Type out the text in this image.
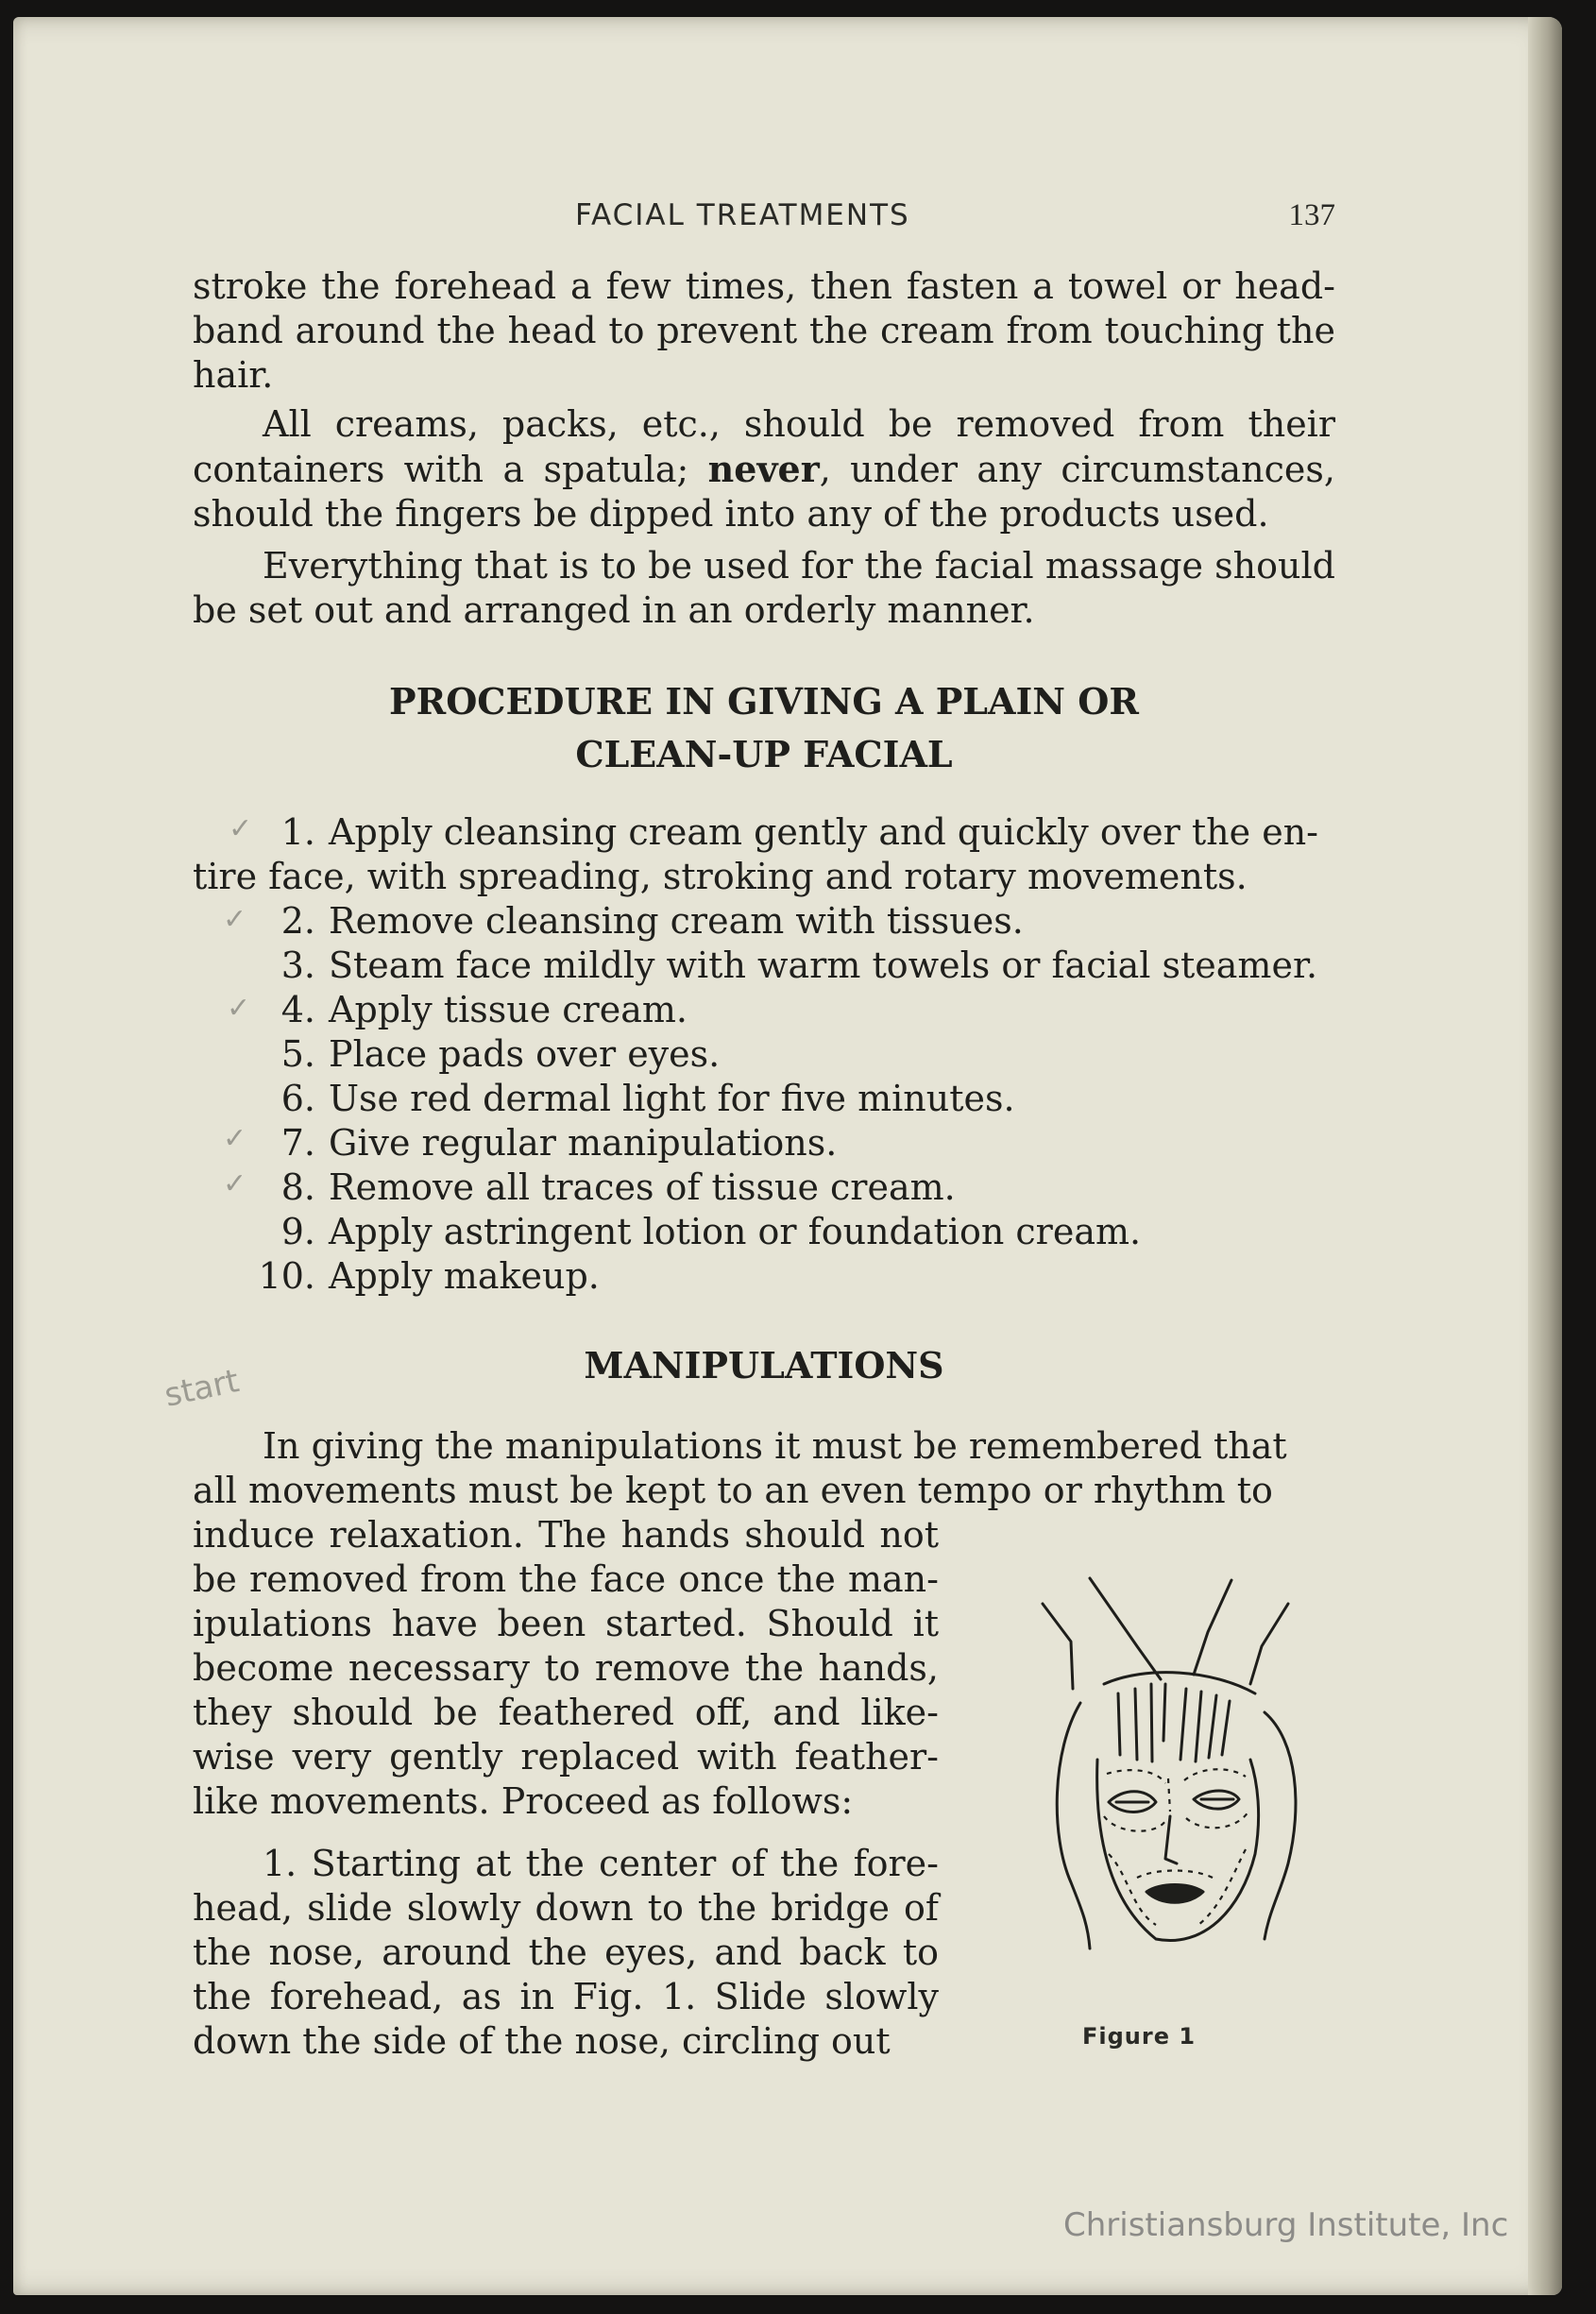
FACIAL TREATMENTS	137
stroke the forehead a few times, then fasten a towel or head-band around the head to prevent the cream from touching the hair.
All creams, packs, etc., should be removed from their containers with a spatula; never, under any circumstances, should the fingers be dipped into any of the products used.
Everything that is to be used for the facial massage should be set out and arranged in an orderly manner.
PROCEDURE IN GIVING A PLAIN OR
CLEAN-UP FACIAL
1. Apply cleansing cream gently and quickly over the en-
tire face, with spreading, stroking and rotary movements.
2. Remove cleansing cream with tissues.
3. Steam face mildly with warm towels or facial steamer.
4. Apply tissue cream.
5. Place pads over eyes.
6. Use red dermal light for five minutes.
7. Give regular manipulations.
8. Remove all traces of tissue cream.
9. Apply astringent lotion or foundation cream.
10. Apply makeup.
✓
✓
✓
✓
✓
MANIPULATIONS
start
In giving the manipulations it must be remembered that
all movements must be kept to an even tempo or rhythm to
induce relaxation. The hands should not be removed from the face once the man-ipulations have been started. Should it become necessary to remove the hands, they should be feathered off, and like-wise very gently replaced with feather-like movements. Proceed as follows:
1. Starting at the center of the fore-head, slide slowly down to the bridge of the nose, around the eyes, and back to the forehead, as in Fig. 1. Slide slowly down the side of the nose, circling out	Figure 1
Christiansburg Institute, Inc
